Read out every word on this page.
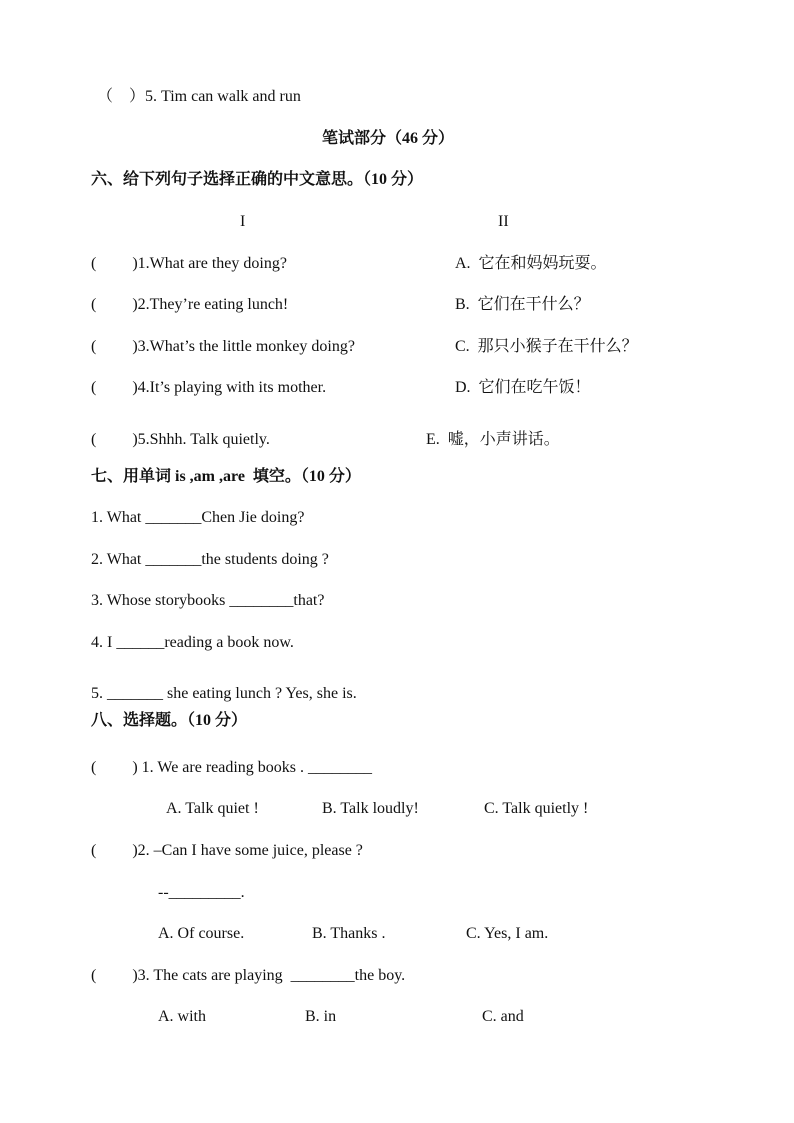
（　）5. Tim can walk and run
笔试部分（46 分）
六、给下列句子选择正确的中文意思。（10 分）
I	II
(         )1.What are they doing?	A.  它在和妈妈玩耍。
(         )2.They’re eating lunch!	B.  它们在干什么？
(         )3.What’s the little monkey doing?	C.  那只小猴子在干什么？
(         )4.It’s playing with its mother.	D.  它们在吃午饭！
(         )5.Shhh. Talk quietly.	E.  嘘，小声讲话。
七、用单词 is ,am ,are  填空。（10 分）
1. What _______Chen Jie doing?
2. What _______the students doing ?
3. Whose storybooks ________that?
4. I ______reading a book now.
5. _______ she eating lunch ? Yes, she is.
八、选择题。（10 分）
(         ) 1. We are reading books . ________
A. Talk quiet !	B. Talk loudly!	C. Talk quietly !
(         )2. –Can I have some juice, please ?
--_________.
A. Of course.	B. Thanks .	C. Yes, I am.
(         )3. The cats are playing  ________the boy.
A. with	B. in	C. and
